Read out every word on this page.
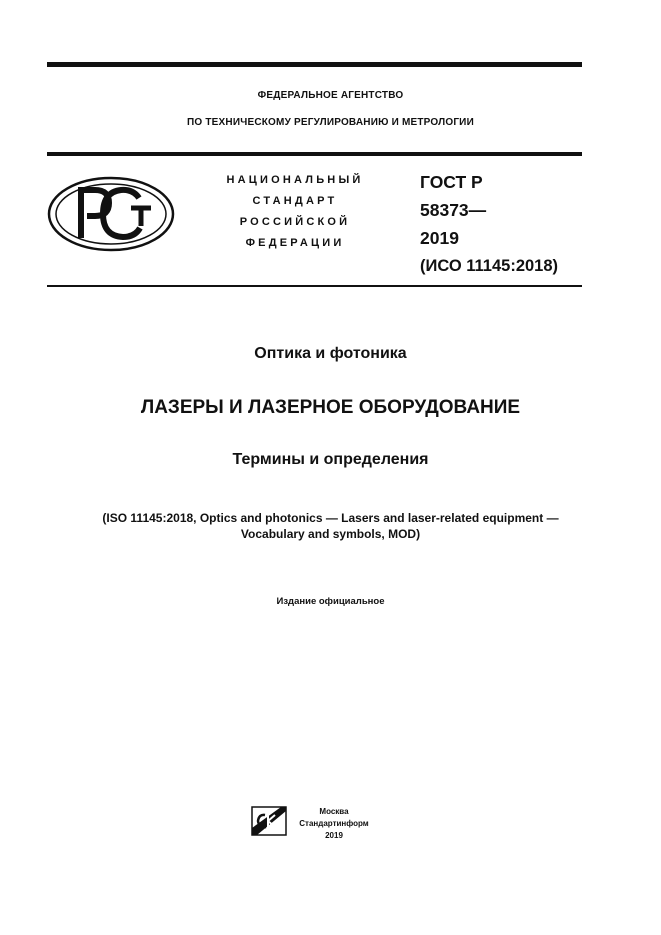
ФЕДЕРАЛЬНОЕ АГЕНТСТВО
ПО ТЕХНИЧЕСКОМУ РЕГУЛИРОВАНИЮ И МЕТРОЛОГИИ
НАЦИОНАЛЬНЫЙ
СТАНДАРТ
РОССИЙСКОЙ
ФЕДЕРАЦИИ
ГОСТ Р
58373—
2019
(ИСО 11145:2018)
Оптика и фотоника
ЛАЗЕРЫ И ЛАЗЕРНОЕ ОБОРУДОВАНИЕ
Термины и определения
(ISO 11145:2018, Optics and photonics — Lasers and laser-related equipment —
Vocabulary and symbols, MOD)
Издание официальное
Москва
Стандартинформ
2019
